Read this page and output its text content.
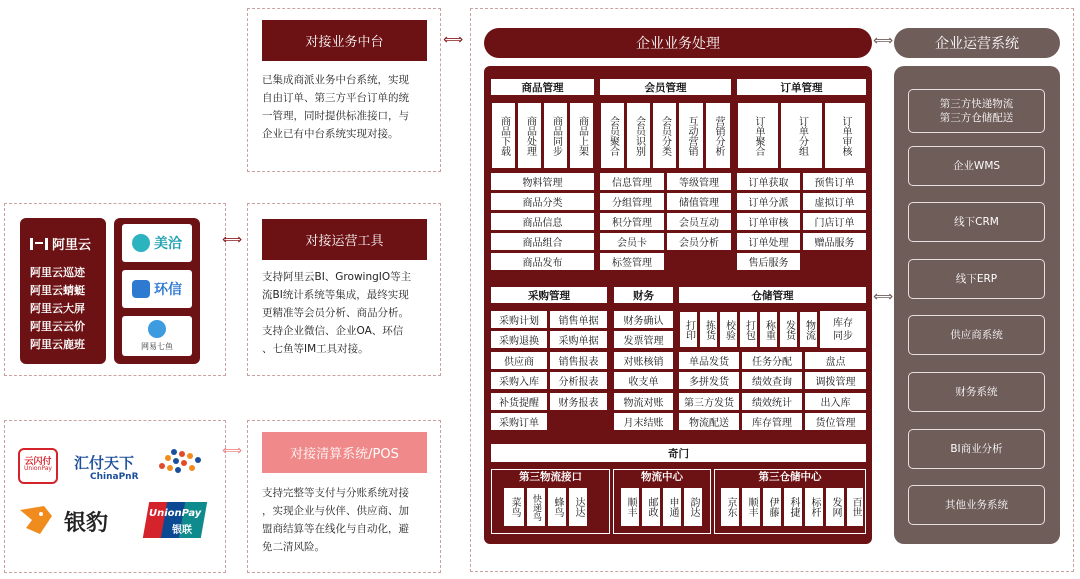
阿里云
阿里云巡迹
阿里云蜻蜓
阿里云大屏
阿里云云价
阿里云鹿班
美洽
环信
网易七鱼
云闪付
UnionPay 汇付天下
ChinaPnR
银豹	UnionPay
银联
⟺
⟺
对接业务中台
已集成商派业务中台系统，实现
自由订单、第三方平台订单的统
一管理，同时提供标准接口，与
企业已有中台系统实现对接。
对接运营工具
支持阿里云BI、GrowingIO等主
流BI统计系统等集成，最终实现
更精准等会员分析、商品分析。
支持企业微信、企业OA、环信
、七鱼等IM工具对接。
对接清算系统/POS
支持完整等支付与分账系统对接
，实现企业与伙伴、供应商、加
盟商结算等在线化与自动化，避
免二清风险。
⟺	企业业务处理	⟺	企业运营系统
⟺
商品管理
商品下载 商品处理 商品同步 商品上架
物料管理
商品分类
商品信息
商品组合
商品发布
会员管理
会员聚合 会员识别 会员分类 互动营销 营销分析
信息管理	等级管理
分组管理	储值管理
积分管理	会员互动
会员卡	会员分析
标签管理
订单管理
订单聚合	订单分组	订单审核
订单获取	预售订单
订单分派	虚拟订单
订单审核	门店订单
订单处理	赠品服务
售后服务
采购管理
采购计划	销售单据
采购退换	采购单据
供应商	销售报表
采购入库	分析报表
补货提醒	财务报表
采购订单
财务
财务确认
发票管理
对账核销
收支单
物流对账
月末结账
仓储管理
打印 拣货 校验 打包 称重 发货 物流	库存同步
单品发货	任务分配	盘点
多拼发货	绩效查询	调拨管理
第三方发货	绩效统计	出入库
物流配送	库存管理	货位管理
奇门
第三物流接口
菜鸟 快递鸟 蜂鸟 达达
物流中心
顺丰 邮政 申通 韵达
第三仓储中心
京东 顺丰 伊藤 科捷 标杆 发网 百世
第三方快递物流
第三方仓储配送
企业WMS
线下CRM
线下ERP
供应商系统
财务系统
BI商业分析
其他业务系统
